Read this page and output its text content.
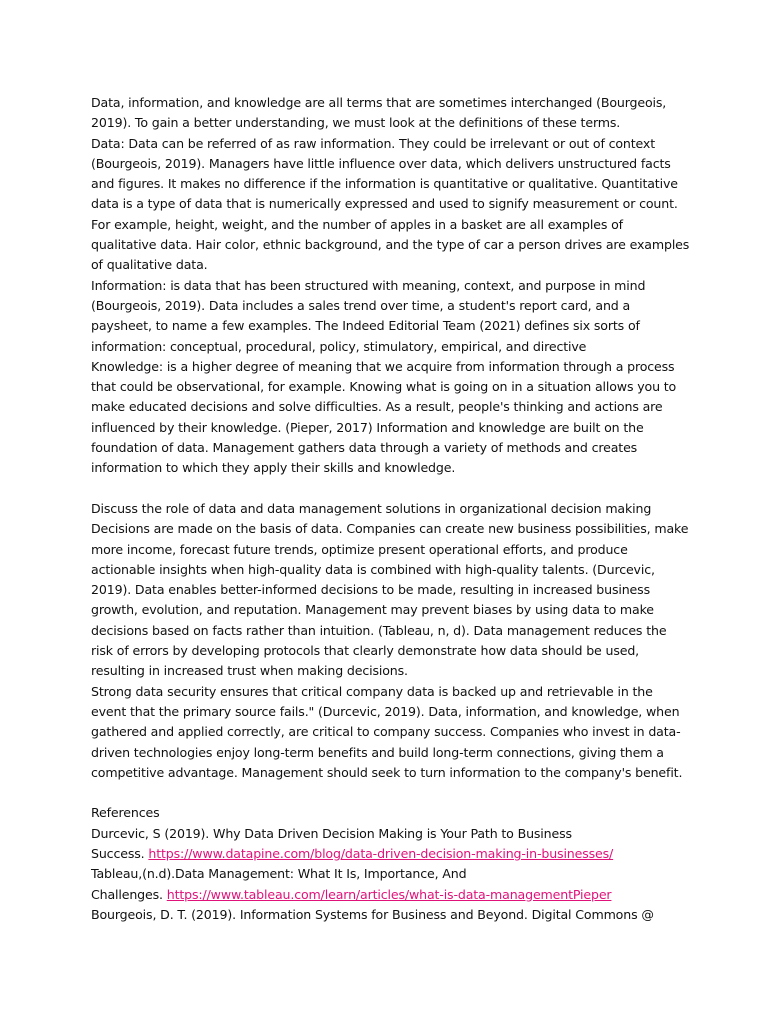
Data, information, and knowledge are all terms that are sometimes interchanged (Bourgeois, 2019). To gain a better understanding, we must look at the definitions of these terms.

Data: Data can be referred of as raw information. They could be irrelevant or out of context (Bourgeois, 2019). Managers have little influence over data, which delivers unstructured facts and figures. It makes no difference if the information is quantitative or qualitative. Quantitative data is a type of data that is numerically expressed and used to signify measurement or count. For example, height, weight, and the number of apples in a basket are all examples of qualitative data. Hair color, ethnic background, and the type of car a person drives are examples of qualitative data.

Information: is data that has been structured with meaning, context, and purpose in mind (Bourgeois, 2019). Data includes a sales trend over time, a student's report card, and a paysheet, to name a few examples. The Indeed Editorial Team (2021) defines six sorts of information: conceptual, procedural, policy, stimulatory, empirical, and directive

Knowledge: is a higher degree of meaning that we acquire from information through a process that could be observational, for example. Knowing what is going on in a situation allows you to make educated decisions and solve difficulties. As a result, people's thinking and actions are influenced by their knowledge. (Pieper, 2017) Information and knowledge are built on the foundation of data. Management gathers data through a variety of methods and creates information to which they apply their skills and knowledge.

Discuss the role of data and data management solutions in organizational decision making

Decisions are made on the basis of data. Companies can create new business possibilities, make more income, forecast future trends, optimize present operational efforts, and produce actionable insights when high-quality data is combined with high-quality talents. (Durcevic, 2019). Data enables better-informed decisions to be made, resulting in increased business growth, evolution, and reputation. Management may prevent biases by using data to make decisions based on facts rather than intuition. (Tableau, n, d). Data management reduces the risk of errors by developing protocols that clearly demonstrate how data should be used, resulting in increased trust when making decisions.

Strong data security ensures that critical company data is backed up and retrievable in the event that the primary source fails." (Durcevic, 2019). Data, information, and knowledge, when gathered and applied correctly, are critical to company success. Companies who invest in data-driven technologies enjoy long-term benefits and build long-term connections, giving them a competitive advantage. Management should seek to turn information to the company's benefit.

References

Durcevic, S (2019). Why Data Driven Decision Making is Your Path to Business
Success. https://www.datapine.com/blog/data-driven-decision-making-in-businesses/
Tableau,(n.d).Data Management: What It Is, Importance, And
Challenges. https://www.tableau.com/learn/articles/what-is-data-managementPieper
Bourgeois, D. T. (2019). Information Systems for Business and Beyond. Digital Commons @
